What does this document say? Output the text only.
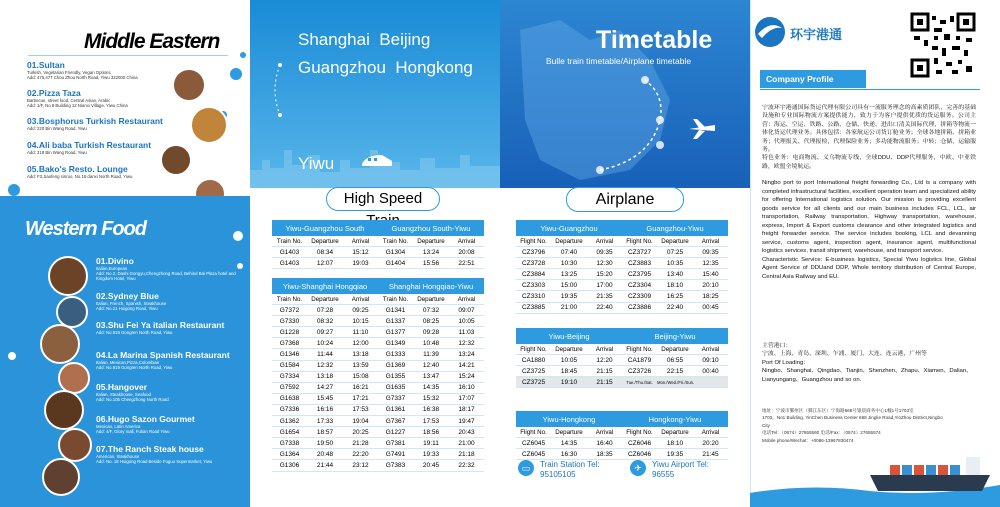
Middle Eastern
01.Sultan
Turkish, Vegetarian Friendly, Vegan Options
Add: 475,477 Chou Zhou North Road, Yiwu 322000 China
02.Pizza Taza
Barbecue, street food, Central Asian, Arabic
Add: 1/F, No 8 Building 12 Nianxi Village, Yiwu China
03.Bosphorus Turkish Restaurant
Add: 220 Bin Wang Road, Yiwu
04.Ali baba Turkish Restaurant
Add: 218 Bin Wang Road, Yiwu
05.Bako's Resto. Lounge
Add: F3,Jiaofeng sinruo, No.16 danxi North Road, Yiwu
Western Food
01.Divino
Italian,European
Add: No.2, Dashi Gongyu,Chengzhong Road, Behind Bai Plaza hotel and Kingdom Hotel, Yiwu
02.Sydney Blue
Italian, French, Spanish, Steakhouse
Add: No.21 Huigong Road, Yiwu
03.Shu Fei Ya italian Restaurant
Add: No.919 Gongren North Road, Yiwu
04.La Marina Spanish Restaurant
Italian, Mexican,Pizza,Colombian
Add: No.919 Gongren North Road, Yiwu
05.Hangover
Italian, Steakhouse, Seafood
Add: No.105 Chengzhong North Road
06.Hugo Sazon Gourmet
Mexican, Latin America
Add: 4/F, Glory mall, Futian Road Yiwu
07.The Ranch Steak house
American, Steakhouse
Add: No. 18 Huigong Road Beside Fuguo Supermarket, Yiwu
Shanghai  Beijing
Guangzhou  Hongkong
Yiwu
High Speed
Yiwu-Guangzhou South	Guangzhou South-Yiwu
Train No.	Departure	Arrival	Train No.	Departure	Arrival
G1403	08:34	15:12	G1304	13:24	20:08
G1403	12:07	19:03	G1404	15:56	22:51
Yiwu-Shanghai Hongqiao	Shanghai Hongqiao-Yiwu
Train No.	Departure	Arrival	Train No.	Departure	Arrival
G7372	07:28	09:25	G1341	07:32	09:07
G7330	08:32	10:15	G1337	08:25	10:05
G1228	09:27	11:10	G1377	09:28	11:03
G7368	10:24	12:00	G1349	10:48	12:32
G1346	11:44	13:18	G1333	11:39	13:24
G1584	12:32	13:59	G1369	12:40	14:21
G7334	13:18	15:08	G1355	13:47	15:24
G7592	14:27	16:21	G1635	14:35	16:10
G1638	15:45	17:21	G7337	15:32	17:07
G7336	16:16	17:53	G1361	16:38	18:17
G1362	17:33	19:04	G7367	17:53	19:47
G1654	18:57	20:25	G1227	18:56	20:43
G7338	19:50	21:28	G7381	19:11	21:00
G1364	20:48	22:20	G7491	19:33	21:18
G1306	21:44	23:12	G7383	20:45	22:32
Timetable
Bulle train timetable/Airplane timetable
Airplane
Yiwu-Guangzhou	Guangzhou-Yiwu
Flight No.	Departure	Arrival	Flight No.	Departure	Arrival
CZ3796	07:40	09:35	CZ3727	07:25	09:35
CZ3728	10:30	12:30	CZ3883	10:35	12:35
CZ3884	13:25	15:20	CZ3795	13:40	15:40
CZ3303	15:00	17:00	CZ3304	18:10	20:10
CZ3310	19:35	21:35	CZ3309	16:25	18:25
CZ3885	21:00	22:40	CZ3886	22:40	00:45
Yiwu-Beijing	Beijing-Yiwu
Flight No.	Departure	Arrival	Flight No.	Departure	Arrival
CA1880	10:05	12:20	CA1879	06:55	09:10
CZ3725	18:45	21:15	CZ3726	22:15	00:40
CZ3725	19:10	21:15	Tue./Thu./Sat.	Mon./Wed./Fri./Sun.
Yiwu-Hongkong	Hongkong-Yiwu
Flight No.	Departure	Arrival	Flight No.	Departure	Arrival
CZ6045	14:35	16:40	CZ6046	18:10	20:20
CZ6045	16:30	18:35	CZ6046	19:35	21:45
▭	Train Station Tel:
95105105
✈	Yiwu Airport Tel:
96555
环宇港通
Company Profile
宁波环宇港通国际货运代理有限公司具有一流服务理念的高素质团队，完善的基础设施和专业国际物流方案提供能力，致力于为客户提供优质的货运服务。公司主营：海运、空运、铁路、公路、仓储、快递、进出口清关国际代理，拼箱等物流一体化货运代理业务。具体包括：各家航运公司货订舱业务；全球各地拼箱、拼箱业务；代理报关、代理报检，代理保险业务；多功能物流服务；中转；仓储，运输服务。
特色业务：电商物流、义乌物流专线，全球DDU、DDP代理服务，中欧、中亚铁路，欧盟全境航运。
Ningbo port to port International freight forwarding Co., Ltd is a company with completed infrastructural facilities, excellent operation team and specialized ability for offering International logistics solution. Our mission is providing excellent goods service for all clients and our main business includes FCL, LCL, air transportation, Railway transportation, Highway transportation, warehouse, express, Import & Export customs clearance and other integrated logistics and freight forwarder service. The service includes booking, LCL and devanning service, customs agent, inspection agent, insurance agent, multifunctional logistics services, transit shipment, warehouse, and transport service.
Characteristic Service: E-business logistics, Special Yiwu logistics line, Global Agent Service of DDUand DDP, Whole territory distribution of Central Europe, Central Asia Railway and EU.
主营港口：
宁波、上海、青岛、深圳、乍浦、厦门、大连、连云港、广州等
Port Of Loading：
Ningbo、Shanghai、Qingdao、Tianjin、Shenzhen、Zhapu、Xiamen、Dalian、Lianyungang、Guangzhou and so on.
地址：宁波市鄞州区（鄞江东区）宁海路668号银晨商务中心1幢1号1703室
1703，No1 Building, YinChen Business Center 668 Jinglie Road,YinZhou District,Ningbo City
电话Tel：（0574）27655560 电话/Fax：（0574）27655574
Mobile phone/Wechat：+0086-13967830474
